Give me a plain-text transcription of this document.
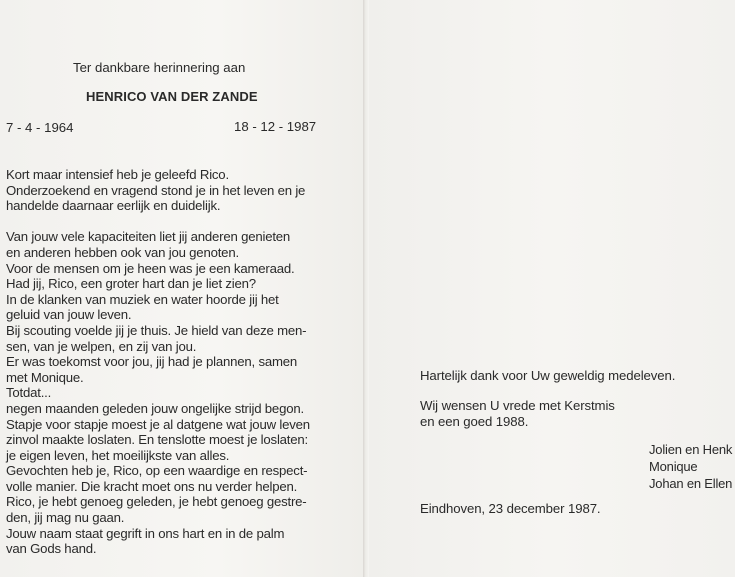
Ter dankbare herinnering aan
HENRICO VAN DER ZANDE
7 - 4 - 1964	18 - 12 - 1987
Kort maar intensief heb je geleefd Rico.
Onderzoekend en vragend stond je in het leven en je
handelde daarnaar eerlijk en duidelijk.
Van jouw vele kapaciteiten liet jij anderen genieten
en anderen hebben ook van jou genoten.
Voor de mensen om je heen was je een kameraad.
Had jij, Rico, een groter hart dan je liet zien?
In de klanken van muziek en water hoorde jij het
geluid van jouw leven.
Bij scouting voelde jij je thuis. Je hield van deze men-
sen, van je welpen, en zij van jou.
Er was toekomst voor jou, jij had je plannen, samen
met Monique.
Totdat...
negen maanden geleden jouw ongelijke strijd begon.
Stapje voor stapje moest je al datgene wat jouw leven
zinvol maakte loslaten. En tenslotte moest je loslaten:
je eigen leven, het moeilijkste van alles.
Gevochten heb je, Rico, op een waardige en respect-
volle manier. Die kracht moet ons nu verder helpen.
Rico, je hebt genoeg geleden, je hebt genoeg gestre-
den, jij mag nu gaan.
Jouw naam staat gegrift in ons hart en in de palm
van Gods hand.
Hartelijk dank voor Uw geweldig medeleven.
Wij wensen U vrede met Kerstmis
en een goed 1988.
Jolien en Henk
Monique
Johan en Ellen
Eindhoven, 23 december 1987.
